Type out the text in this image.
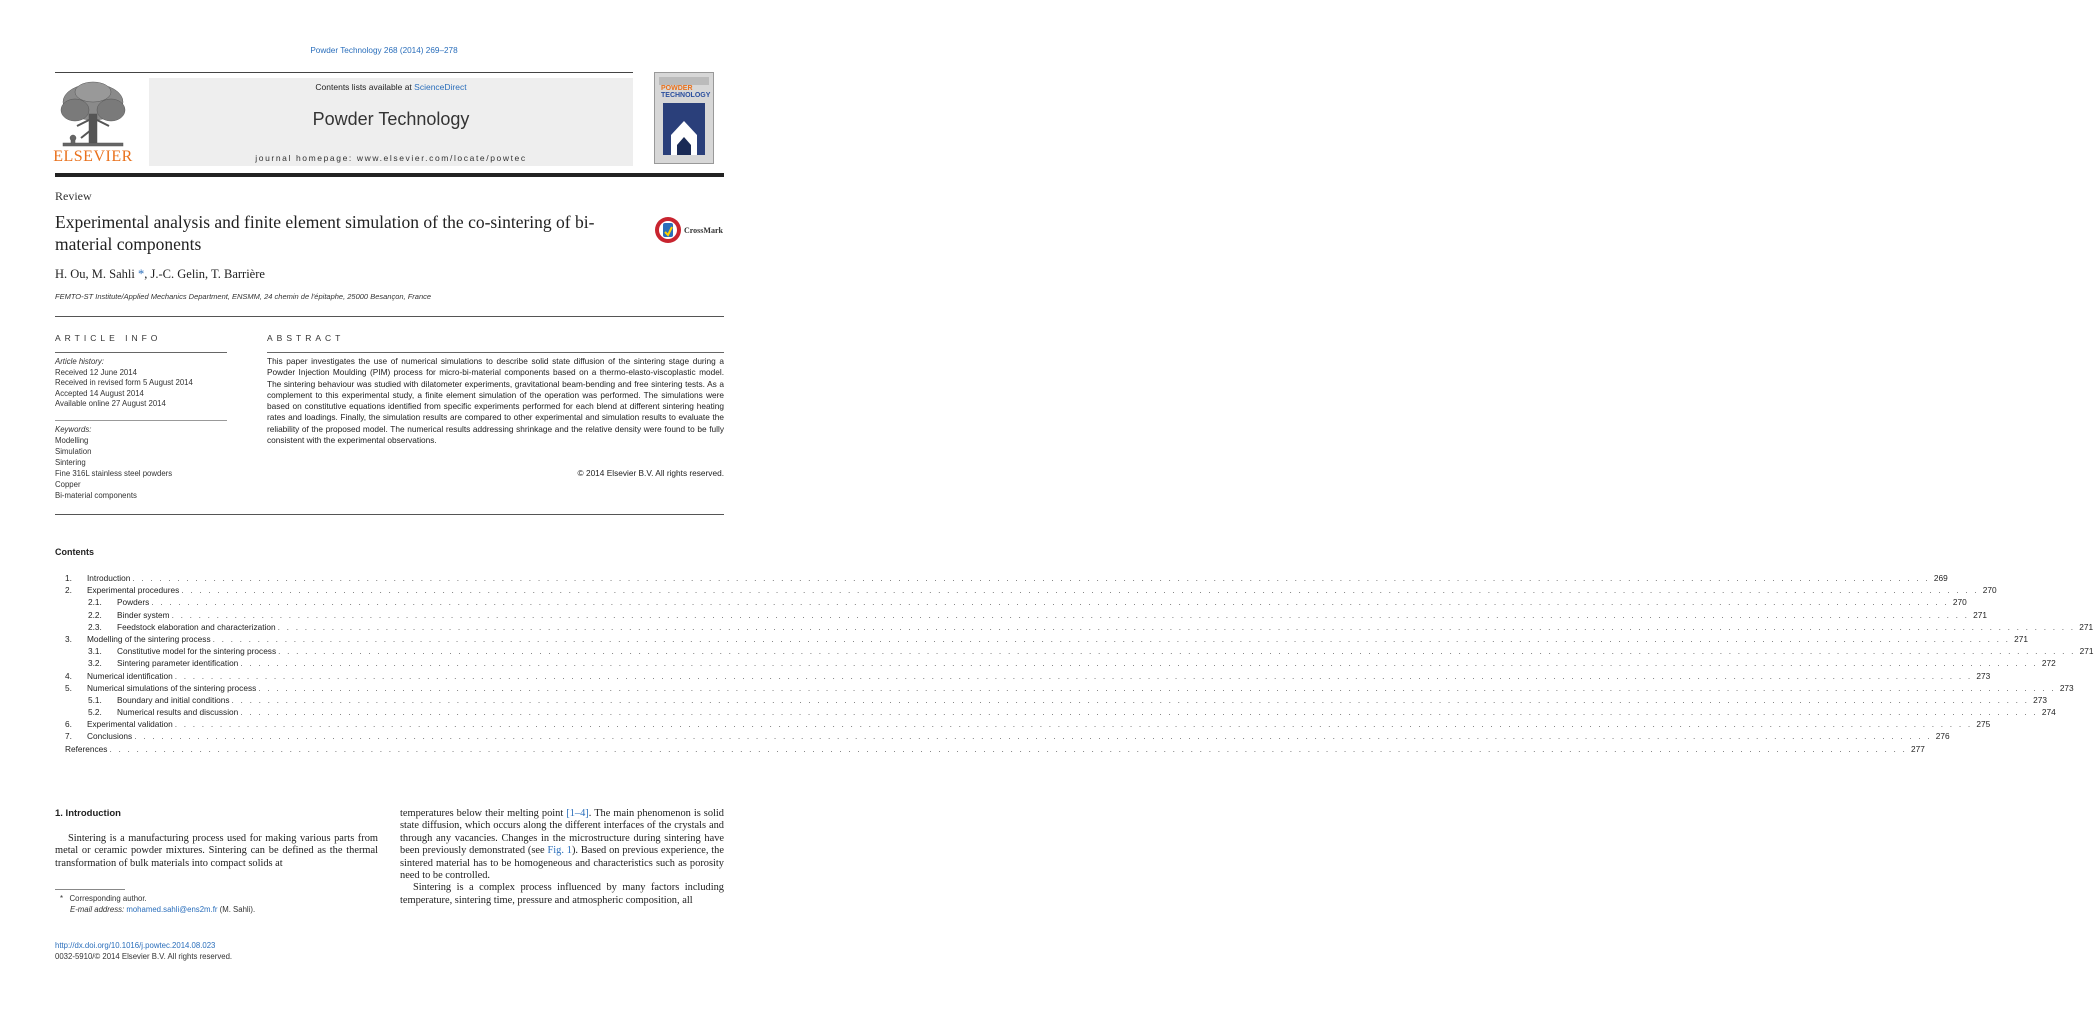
Powder Technology 268 (2014) 269–278
ELSEVIER
Contents lists available at ScienceDirect
Powder Technology
journal homepage: www.elsevier.com/locate/powtec
POWDER
TECHNOLOGY
Review
Experimental analysis and finite element simulation of the co-sintering of bi-material components
CrossMark
H. Ou, M. Sahli *, J.-C. Gelin, T. Barrière
FEMTO-ST Institute/Applied Mechanics Department, ENSMM, 24 chemin de l'épitaphe, 25000 Besançon, France
ARTICLE INFO	ABSTRACT
Article history:
Received 12 June 2014
Received in revised form 5 August 2014
Accepted 14 August 2014
Available online 27 August 2014
Keywords:
Modelling
Simulation
Sintering
Fine 316L stainless steel powders
Copper
Bi-material components
This paper investigates the use of numerical simulations to describe solid state diffusion of the sintering stage during a Powder Injection Moulding (PIM) process for micro-bi-material components based on a thermo-elasto-viscoplastic model. The sintering behaviour was studied with dilatometer experiments, gravitational beam-bending and free sintering tests. As a complement to this experimental study, a finite element simulation of the operation was performed. The simulations were based on constitutive equations identified from specific experiments performed for each blend at different sintering heating rates and loadings. Finally, the simulation results are compared to other experimental and simulation results to evaluate the reliability of the proposed model. The numerical results addressing shrinkage and the relative density were found to be fully consistent with the experimental observations.
© 2014 Elsevier B.V. All rights reserved.
Contents
1.	Introduction . . . . . . . . . . . . . . . . . . . . . . . . . . . . . . . . . . . . . . . . . . . . . . . . . . . . . . . . . . . . . . . . . . . . . . . . . . . . . . . . . . . . . . . . . . . . . . . . . . . . . . . . . . . . . . . . . . . . . . . . . . . . . . . . . . . . . . . . . . . . . . . . . . . . . . . . . . . . . . . . . . . . . . . . . . . . . . . . . . . . . . . . . . . . . . . . . . . . . . . . 269
2.	Experimental procedures . . . . . . . . . . . . . . . . . . . . . . . . . . . . . . . . . . . . . . . . . . . . . . . . . . . . . . . . . . . . . . . . . . . . . . . . . . . . . . . . . . . . . . . . . . . . . . . . . . . . . . . . . . . . . . . . . . . . . . . . . . . . . . . . . . . . . . . . . . . . . . . . . . . . . . . . . . . . . . . . . . . . . . . . . . . . . . . . . . . . . . . . . . . . . . . . . . . . . . . . 270
2.1.	Powders . . . . . . . . . . . . . . . . . . . . . . . . . . . . . . . . . . . . . . . . . . . . . . . . . . . . . . . . . . . . . . . . . . . . . . . . . . . . . . . . . . . . . . . . . . . . . . . . . . . . . . . . . . . . . . . . . . . . . . . . . . . . . . . . . . . . . . . . . . . . . . . . . . . . . . . . . . . . . . . . . . . . . . . . . . . . . . . . . . . . . . . . . . . . . . . . . . . . . . . . 270
2.2.	Binder system . . . . . . . . . . . . . . . . . . . . . . . . . . . . . . . . . . . . . . . . . . . . . . . . . . . . . . . . . . . . . . . . . . . . . . . . . . . . . . . . . . . . . . . . . . . . . . . . . . . . . . . . . . . . . . . . . . . . . . . . . . . . . . . . . . . . . . . . . . . . . . . . . . . . . . . . . . . . . . . . . . . . . . . . . . . . . . . . . . . . . . . . . . . . . . . . . . . . . . . . 271
2.3.	Feedstock elaboration and characterization . . . . . . . . . . . . . . . . . . . . . . . . . . . . . . . . . . . . . . . . . . . . . . . . . . . . . . . . . . . . . . . . . . . . . . . . . . . . . . . . . . . . . . . . . . . . . . . . . . . . . . . . . . . . . . . . . . . . . . . . . . . . . . . . . . . . . . . . . . . . . . . . . . . . . . . . . . . . . . . . . . . . . . . . . . . . . . . . . . . . . . . . . . . . . . . . . . . . . . . . 271
3.	Modelling of the sintering process . . . . . . . . . . . . . . . . . . . . . . . . . . . . . . . . . . . . . . . . . . . . . . . . . . . . . . . . . . . . . . . . . . . . . . . . . . . . . . . . . . . . . . . . . . . . . . . . . . . . . . . . . . . . . . . . . . . . . . . . . . . . . . . . . . . . . . . . . . . . . . . . . . . . . . . . . . . . . . . . . . . . . . . . . . . . . . . . . . . . . . . . . . . . . . . . . . . . . . . . 271
3.1.	Constitutive model for the sintering process . . . . . . . . . . . . . . . . . . . . . . . . . . . . . . . . . . . . . . . . . . . . . . . . . . . . . . . . . . . . . . . . . . . . . . . . . . . . . . . . . . . . . . . . . . . . . . . . . . . . . . . . . . . . . . . . . . . . . . . . . . . . . . . . . . . . . . . . . . . . . . . . . . . . . . . . . . . . . . . . . . . . . . . . . . . . . . . . . . . . . . . . . . . . . . . . . . . . . . . . 271
3.2.	Sintering parameter identification . . . . . . . . . . . . . . . . . . . . . . . . . . . . . . . . . . . . . . . . . . . . . . . . . . . . . . . . . . . . . . . . . . . . . . . . . . . . . . . . . . . . . . . . . . . . . . . . . . . . . . . . . . . . . . . . . . . . . . . . . . . . . . . . . . . . . . . . . . . . . . . . . . . . . . . . . . . . . . . . . . . . . . . . . . . . . . . . . . . . . . . . . . . . . . . . . . . . . . . . 272
4.	Numerical identification . . . . . . . . . . . . . . . . . . . . . . . . . . . . . . . . . . . . . . . . . . . . . . . . . . . . . . . . . . . . . . . . . . . . . . . . . . . . . . . . . . . . . . . . . . . . . . . . . . . . . . . . . . . . . . . . . . . . . . . . . . . . . . . . . . . . . . . . . . . . . . . . . . . . . . . . . . . . . . . . . . . . . . . . . . . . . . . . . . . . . . . . . . . . . . . . . . . . . . . . 273
5.	Numerical simulations of the sintering process . . . . . . . . . . . . . . . . . . . . . . . . . . . . . . . . . . . . . . . . . . . . . . . . . . . . . . . . . . . . . . . . . . . . . . . . . . . . . . . . . . . . . . . . . . . . . . . . . . . . . . . . . . . . . . . . . . . . . . . . . . . . . . . . . . . . . . . . . . . . . . . . . . . . . . . . . . . . . . . . . . . . . . . . . . . . . . . . . . . . . . . . . . . . . . . . . . . . . . . . 273
5.1.	Boundary and initial conditions . . . . . . . . . . . . . . . . . . . . . . . . . . . . . . . . . . . . . . . . . . . . . . . . . . . . . . . . . . . . . . . . . . . . . . . . . . . . . . . . . . . . . . . . . . . . . . . . . . . . . . . . . . . . . . . . . . . . . . . . . . . . . . . . . . . . . . . . . . . . . . . . . . . . . . . . . . . . . . . . . . . . . . . . . . . . . . . . . . . . . . . . . . . . . . . . . . . . . . . . 273
5.2.	Numerical results and discussion . . . . . . . . . . . . . . . . . . . . . . . . . . . . . . . . . . . . . . . . . . . . . . . . . . . . . . . . . . . . . . . . . . . . . . . . . . . . . . . . . . . . . . . . . . . . . . . . . . . . . . . . . . . . . . . . . . . . . . . . . . . . . . . . . . . . . . . . . . . . . . . . . . . . . . . . . . . . . . . . . . . . . . . . . . . . . . . . . . . . . . . . . . . . . . . . . . . . . . . . 274
6.	Experimental validation . . . . . . . . . . . . . . . . . . . . . . . . . . . . . . . . . . . . . . . . . . . . . . . . . . . . . . . . . . . . . . . . . . . . . . . . . . . . . . . . . . . . . . . . . . . . . . . . . . . . . . . . . . . . . . . . . . . . . . . . . . . . . . . . . . . . . . . . . . . . . . . . . . . . . . . . . . . . . . . . . . . . . . . . . . . . . . . . . . . . . . . . . . . . . . . . . . . . . . . . 275
7.	Conclusions . . . . . . . . . . . . . . . . . . . . . . . . . . . . . . . . . . . . . . . . . . . . . . . . . . . . . . . . . . . . . . . . . . . . . . . . . . . . . . . . . . . . . . . . . . . . . . . . . . . . . . . . . . . . . . . . . . . . . . . . . . . . . . . . . . . . . . . . . . . . . . . . . . . . . . . . . . . . . . . . . . . . . . . . . . . . . . . . . . . . . . . . . . . . . . . . . . . . . . . . 276
References . . . . . . . . . . . . . . . . . . . . . . . . . . . . . . . . . . . . . . . . . . . . . . . . . . . . . . . . . . . . . . . . . . . . . . . . . . . . . . . . . . . . . . . . . . . . . . . . . . . . . . . . . . . . . . . . . . . . . . . . . . . . . . . . . . . . . . . . . . . . . . . . . . . . . . . . . . . . . . . . . . . . . . . . . . . . . . . . . . . . . . . . . . . . . . . . . . . . . . . . 277
1. Introduction
Sintering is a manufacturing process used for making various parts from metal or ceramic powder mixtures. Sintering can be defined as the thermal transformation of bulk materials into compact solids at

temperatures below their melting point [1–4]. The main phenomenon is solid state diffusion, which occurs along the different interfaces of the crystals and through any vacancies. Changes in the microstructure during sintering have been previously demonstrated (see Fig. 1). Based on previous experience, the sintered material has to be homogeneous and characteristics such as porosity need to be controlled.

Sintering is a complex process influenced by many factors including temperature, sintering time, pressure and atmospheric composition, all

* Corresponding author.
E-mail address: mohamed.sahli@ens2m.fr (M. Sahli).
http://dx.doi.org/10.1016/j.powtec.2014.08.023
0032-5910/© 2014 Elsevier B.V. All rights reserved.
